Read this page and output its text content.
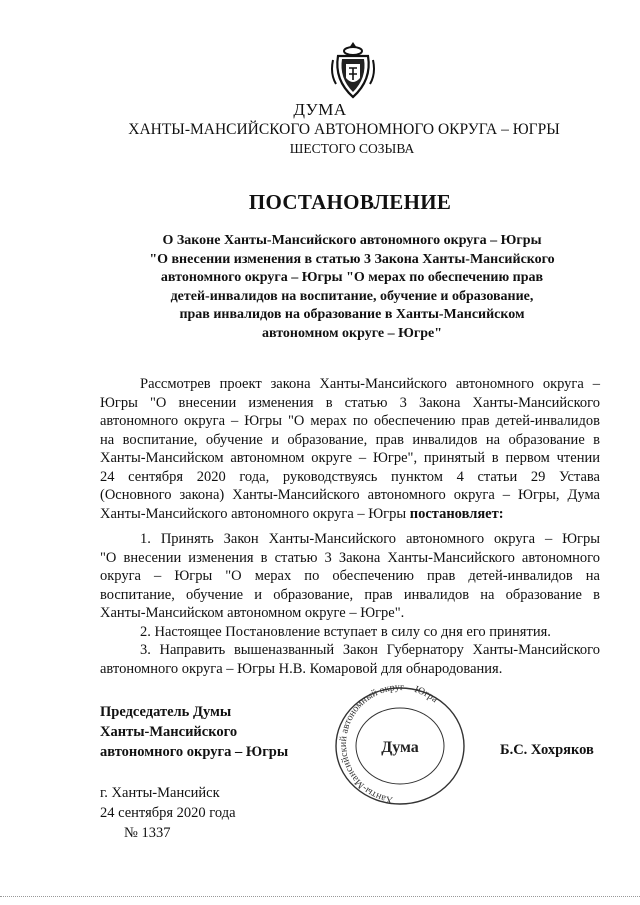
ДУМА
ХАНТЫ-МАНСИЙСКОГО АВТОНОМНОГО ОКРУГА – ЮГРЫ
ШЕСТОГО СОЗЫВА
ПОСТАНОВЛЕНИЕ
О Законе Ханты-Мансийского автономного округа – Югры
"О внесении изменения в статью 3 Закона Ханты-Мансийского
автономного округа – Югры "О мерах по обеспечению прав
детей-инвалидов на воспитание, обучение и образование,
прав инвалидов на образование в Ханты-Мансийском
автономном округе – Югре"
Рассмотрев проект закона Ханты-Мансийского автономного округа –
Югры "О внесении изменения в статью 3 Закона Ханты-Мансийского
автономного округа – Югры "О мерах по обеспечению прав детей-инвалидов
на воспитание, обучение и образование, прав инвалидов на образование в
Ханты-Мансийском автономном округе – Югре", принятый в первом чтении
24 сентября 2020 года, руководствуясь пунктом 4 статьи 29 Устава
(Основного закона) Ханты-Мансийского автономного округа – Югры, Дума
Ханты-Мансийского автономного округа – Югры постановляет:
1. Принять Закон Ханты-Мансийского автономного округа – Югры
"О внесении изменения в статью 3 Закона Ханты-Мансийского автономного
округа – Югры "О мерах по обеспечению прав детей-инвалидов на
воспитание, обучение и образование, прав инвалидов на образование в
Ханты-Мансийском автономном округе – Югре".
2. Настоящее Постановление вступает в силу со дня его принятия.
3. Направить вышеназванный Закон Губернатору Ханты-Мансийского
автономного округа – Югры Н.В. Комаровой для обнародования.
Председатель Думы
Ханты-Мансийского
автономного округа – Югры
Ханты-Мансийский автономный округ – Югра
Дума	Б.С. Хохряков
г. Ханты-Мансийск
24 сентября 2020 года
№ 1337
